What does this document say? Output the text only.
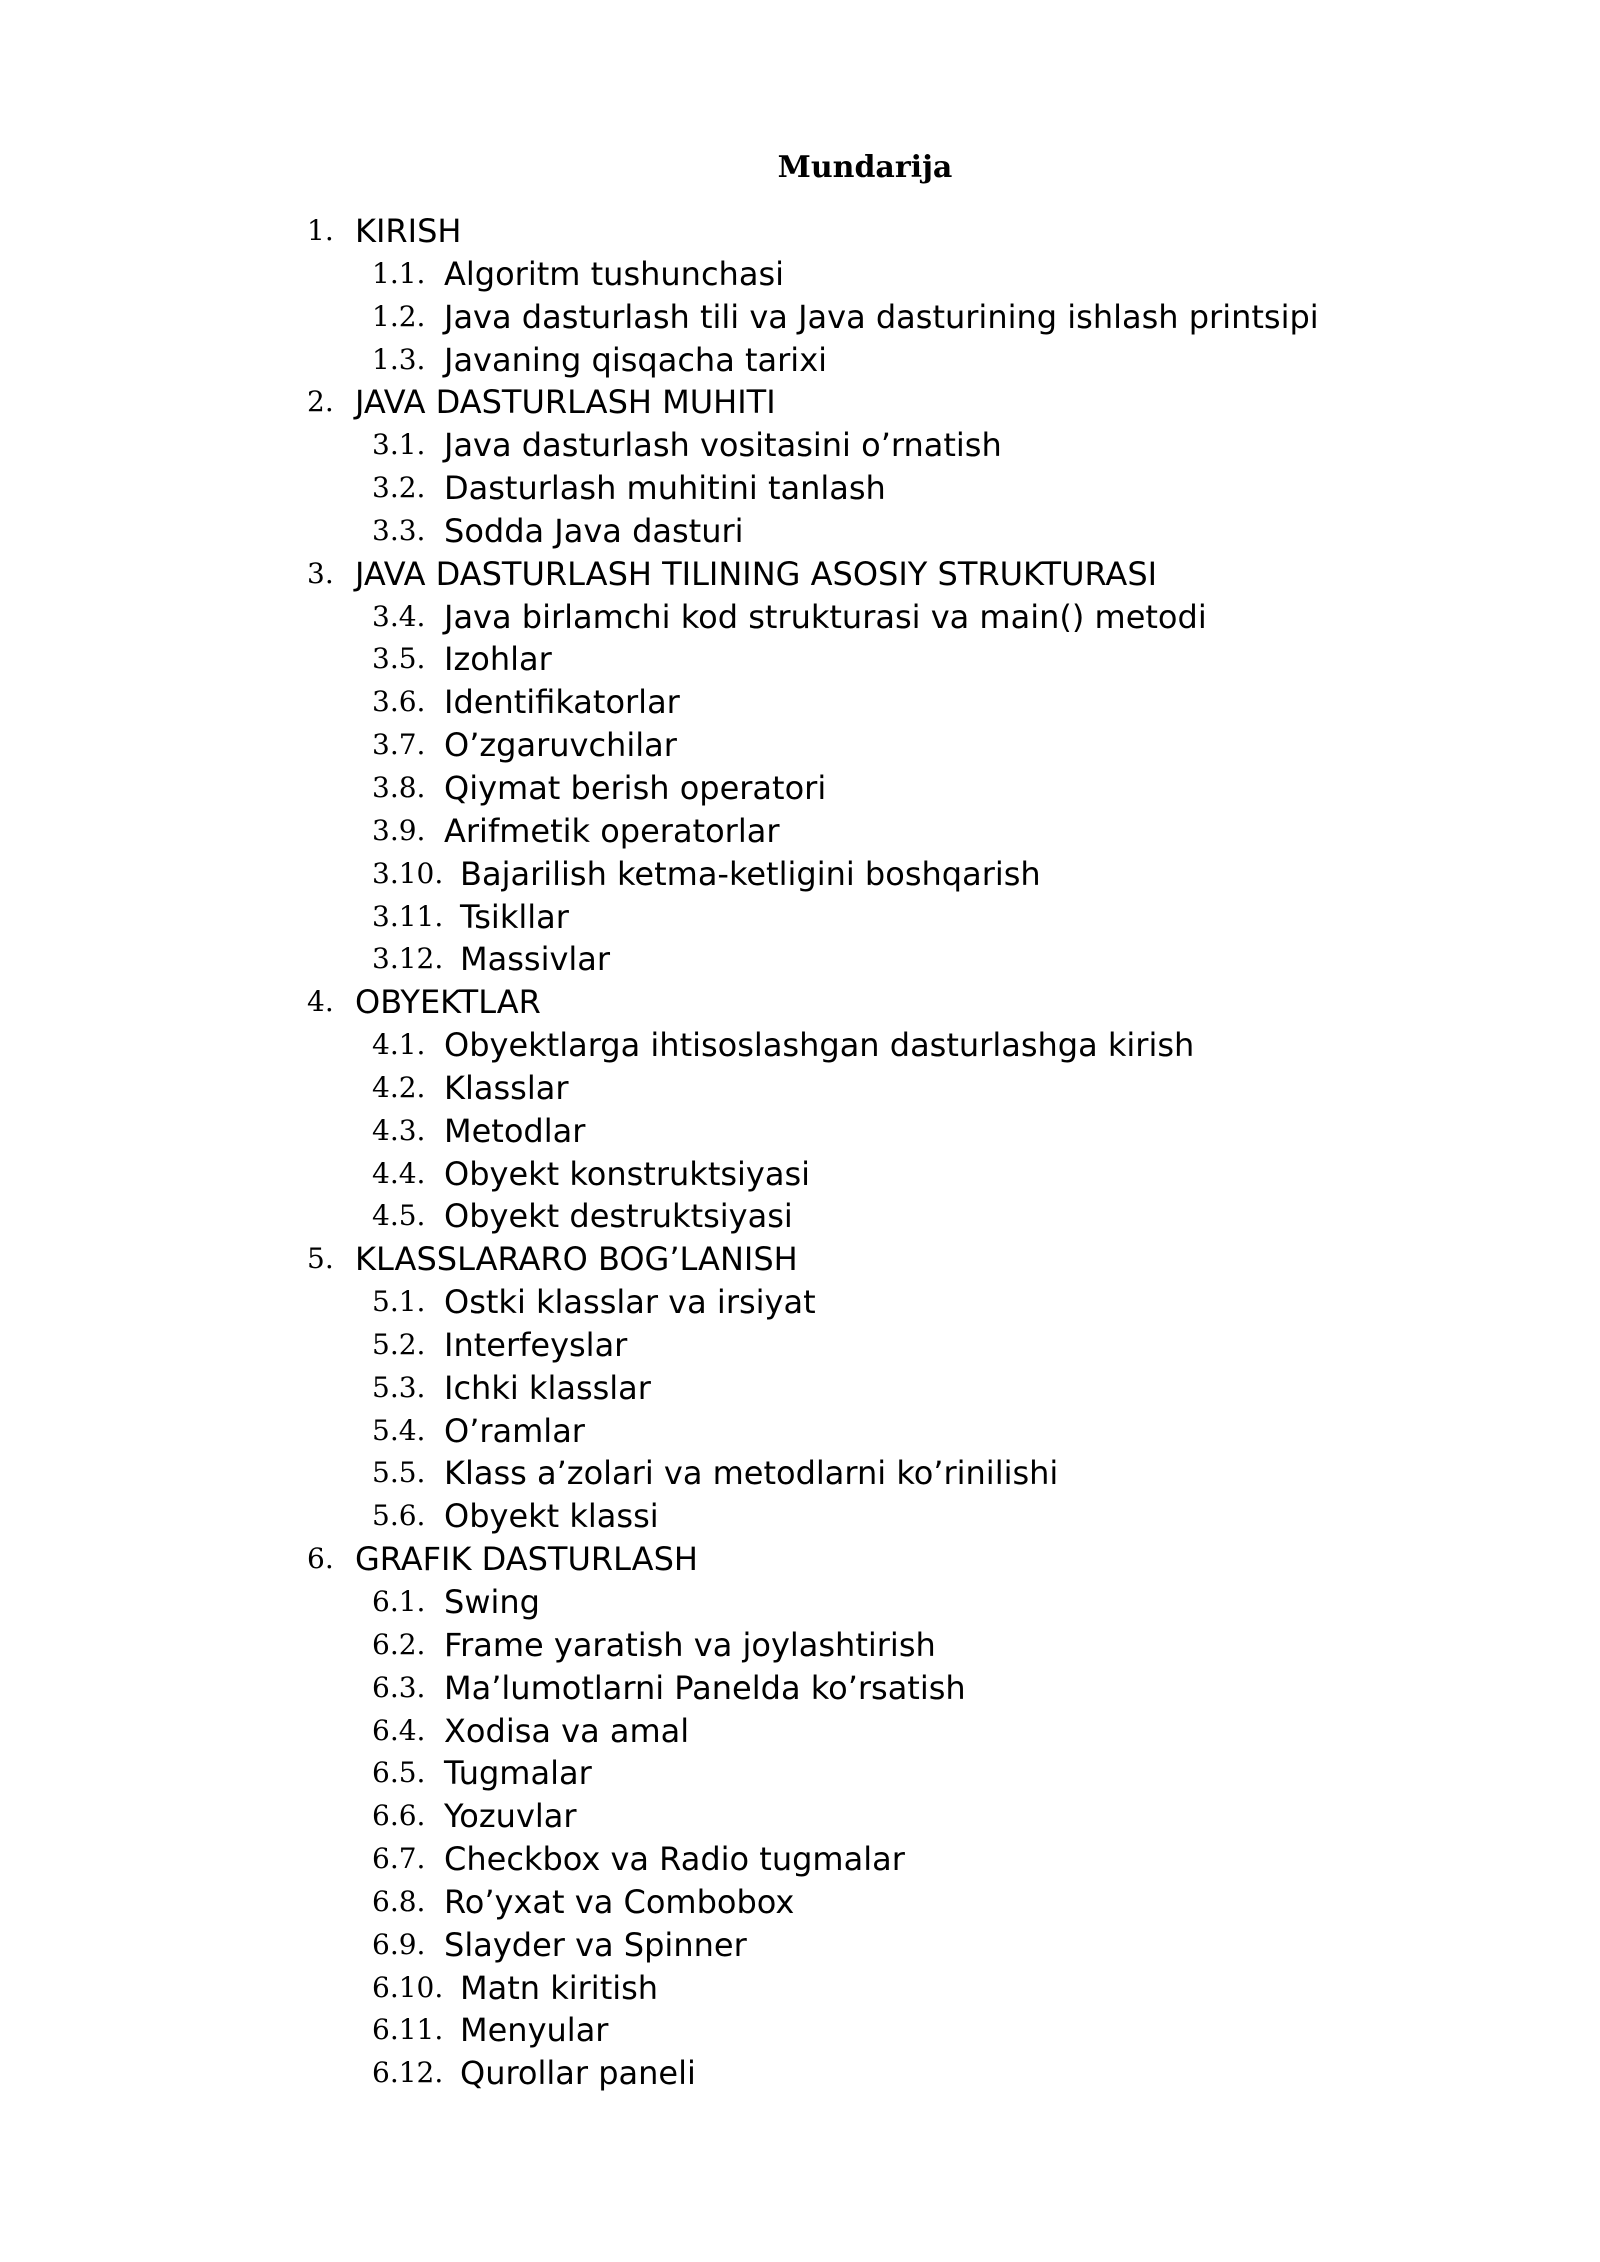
Mundarija
1. KIRISH
1.1. Algoritm tushunchasi
1.2. Java dasturlash tili va Java dasturining ishlash printsipi
1.3. Javaning qisqacha tarixi
2. JAVA DASTURLASH MUHITI
3.1. Java dasturlash vositasini o’rnatish
3.2. Dasturlash muhitini tanlash
3.3. Sodda Java dasturi
3. JAVA DASTURLASH TILINING ASOSIY STRUKTURASI
3.4. Java birlamchi kod strukturasi va main() metodi
3.5. Izohlar
3.6. Identifikatorlar
3.7. O’zgaruvchilar
3.8. Qiymat berish operatori
3.9. Arifmetik operatorlar
3.10. Bajarilish ketma-ketligini boshqarish
3.11. Tsikllar
3.12. Massivlar
4. OBYEKTLAR
4.1. Obyektlarga ihtisoslashgan dasturlashga kirish
4.2. Klasslar
4.3. Metodlar
4.4. Obyekt konstruktsiyasi
4.5. Obyekt destruktsiyasi
5. KLASSLARARO BOG’LANISH
5.1. Ostki klasslar va irsiyat
5.2. Interfeyslar
5.3. Ichki klasslar
5.4. O’ramlar
5.5. Klass a’zolari va metodlarni ko’rinilishi
5.6. Obyekt klassi
6. GRAFIK DASTURLASH
6.1. Swing
6.2. Frame yaratish va joylashtirish
6.3. Ma’lumotlarni Panelda ko’rsatish
6.4. Xodisa va amal
6.5. Tugmalar
6.6. Yozuvlar
6.7. Checkbox va Radio tugmalar
6.8. Ro’yxat va Combobox
6.9. Slayder va Spinner
6.10. Matn kiritish
6.11. Menyular
6.12. Qurollar paneli
